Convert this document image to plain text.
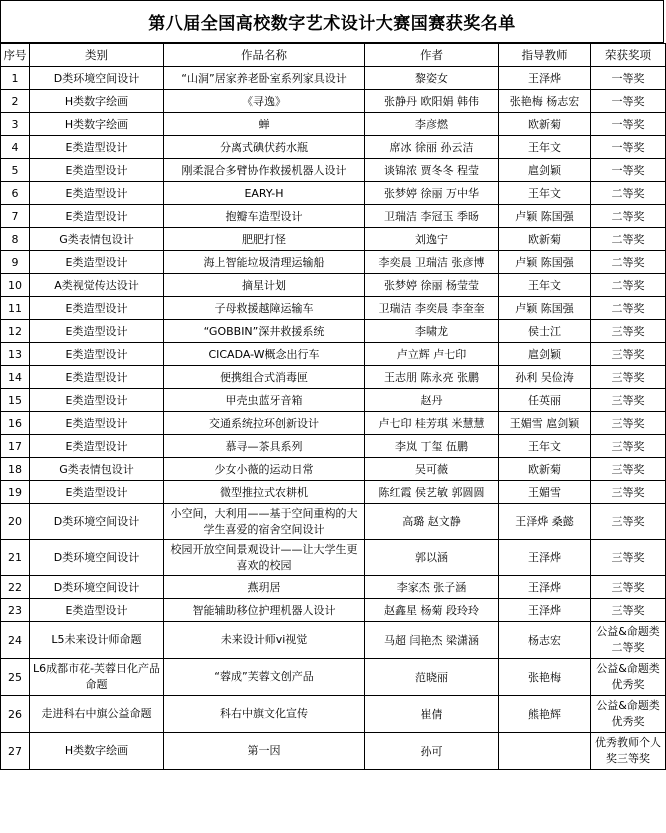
第八届全国高校数字艺术设计大赛国赛获奖名单
序号	类别	作品名称	作者	指导教师	荣获奖项
1	D类环境空间设计	“山洞”居家养老卧室系列家具设计	黎姿女	王泽烨	一等奖
2	H类数字绘画	《寻逸》	张静丹 欧阳娟 韩伟	张艳梅 杨志宏	一等奖
3	H类数字绘画	蝉	李彦燃	欧新菊	一等奖
4	E类造型设计	分离式碘伏药水瓶	席冰 徐丽 孙云洁	王年文	一等奖
5	E类造型设计	刚柔混合多臂协作救援机器人设计	谈锦浓 贾冬冬 程莹	扈剑颖	一等奖
6	E类造型设计	EARY-H	张梦婷 徐丽 万中华	王年文	二等奖
7	E类造型设计	抱瓣车造型设计	卫瑞洁 李冠玉 季旸	卢颖 陈国强	二等奖
8	G类表情包设计	肥肥打怪	刘逸宁	欧新菊	二等奖
9	E类造型设计	海上智能垃圾清理运输船	李奕晨 卫瑞洁 张彦博	卢颖 陈国强	二等奖
10	A类视觉传达设计	摘星计划	张梦婷 徐丽 杨莹莹	王年文	二等奖
11	E类造型设计	子母救援越障运输车	卫瑞洁 李奕晨 李奎奎	卢颖 陈国强	二等奖
12	E类造型设计	“GOBBIN”深井救援系统	李啸龙	侯士江	三等奖
13	E类造型设计	CICADA-W概念出行车	卢立辉 卢七印	扈剑颖	三等奖
14	E类造型设计	便携组合式消毒匣	王志朋 陈永亮 张鹏	孙利 吴俭涛	三等奖
15	E类造型设计	甲壳虫蓝牙音箱	赵丹	任英丽	三等奖
16	E类造型设计	交通系统拉环创新设计	卢七印 桂芳琪 米慧慧	王媚雪 扈剑颖	三等奖
17	E类造型设计	慕寻—茶具系列	李岚 丁玺 伍鹏	王年文	三等奖
18	G类表情包设计	少女小薇的运动日常	吴可薇	欧新菊	三等奖
19	E类造型设计	微型推拉式农耕机	陈红霞 侯艺敏 郭圆圆	王媚雪	三等奖
20	D类环境空间设计	小空间，大利用——基于空间重构的大学生喜爱的宿舍空间设计	高璐 赵文静	王泽烨 桑懿	三等奖
21	D类环境空间设计	校园开放空间景观设计——让大学生更喜欢的校园	郭以涵	王泽烨	三等奖
22	D类环境空间设计	燕玥居	李家杰 张子涵	王泽烨	三等奖
23	E类造型设计	智能辅助移位护理机器人设计	赵鑫星 杨菊 段玲玲	王泽烨	三等奖
24	L5未来设计师命题	未来设计师vi视觉	马超 闫艳杰 梁潇涵	杨志宏	公益&命题类二等奖
25	L6成都市花-芙蓉日化产品命题	“蓉成”芙蓉文创产品	范晓丽	张艳梅	公益&命题类优秀奖
26	走进科右中旗公益命题	科右中旗文化宣传	崔倩	熊艳辉	公益&命题类优秀奖
27	H类数字绘画	第一因	孙可		优秀教师个人奖三等奖
